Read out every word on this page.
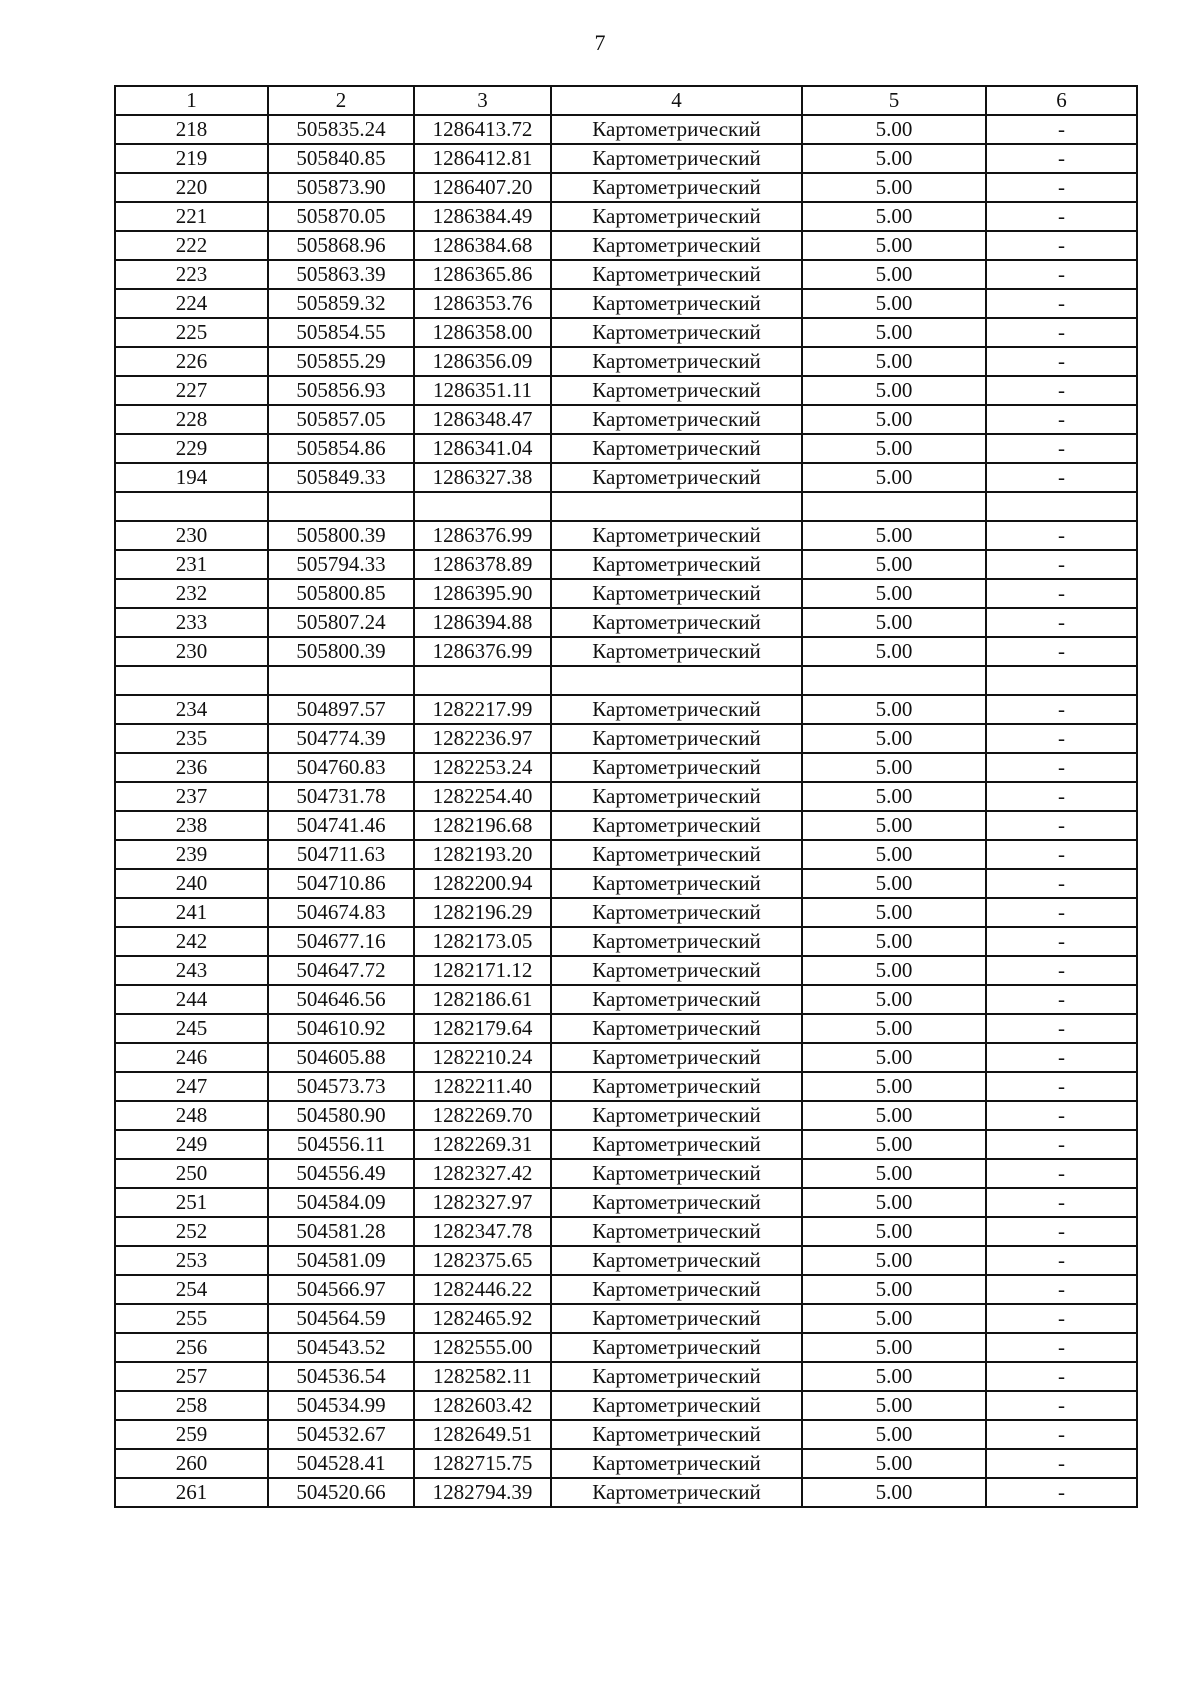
7
1	2	3	4	5	6
218	505835.24	1286413.72	Картометрический	5.00	-
219	505840.85	1286412.81	Картометрический	5.00	-
220	505873.90	1286407.20	Картометрический	5.00	-
221	505870.05	1286384.49	Картометрический	5.00	-
222	505868.96	1286384.68	Картометрический	5.00	-
223	505863.39	1286365.86	Картометрический	5.00	-
224	505859.32	1286353.76	Картометрический	5.00	-
225	505854.55	1286358.00	Картометрический	5.00	-
226	505855.29	1286356.09	Картометрический	5.00	-
227	505856.93	1286351.11	Картометрический	5.00	-
228	505857.05	1286348.47	Картометрический	5.00	-
229	505854.86	1286341.04	Картометрический	5.00	-
194	505849.33	1286327.38	Картометрический	5.00	-

230	505800.39	1286376.99	Картометрический	5.00	-
231	505794.33	1286378.89	Картометрический	5.00	-
232	505800.85	1286395.90	Картометрический	5.00	-
233	505807.24	1286394.88	Картометрический	5.00	-
230	505800.39	1286376.99	Картометрический	5.00	-

234	504897.57	1282217.99	Картометрический	5.00	-
235	504774.39	1282236.97	Картометрический	5.00	-
236	504760.83	1282253.24	Картометрический	5.00	-
237	504731.78	1282254.40	Картометрический	5.00	-
238	504741.46	1282196.68	Картометрический	5.00	-
239	504711.63	1282193.20	Картометрический	5.00	-
240	504710.86	1282200.94	Картометрический	5.00	-
241	504674.83	1282196.29	Картометрический	5.00	-
242	504677.16	1282173.05	Картометрический	5.00	-
243	504647.72	1282171.12	Картометрический	5.00	-
244	504646.56	1282186.61	Картометрический	5.00	-
245	504610.92	1282179.64	Картометрический	5.00	-
246	504605.88	1282210.24	Картометрический	5.00	-
247	504573.73	1282211.40	Картометрический	5.00	-
248	504580.90	1282269.70	Картометрический	5.00	-
249	504556.11	1282269.31	Картометрический	5.00	-
250	504556.49	1282327.42	Картометрический	5.00	-
251	504584.09	1282327.97	Картометрический	5.00	-
252	504581.28	1282347.78	Картометрический	5.00	-
253	504581.09	1282375.65	Картометрический	5.00	-
254	504566.97	1282446.22	Картометрический	5.00	-
255	504564.59	1282465.92	Картометрический	5.00	-
256	504543.52	1282555.00	Картометрический	5.00	-
257	504536.54	1282582.11	Картометрический	5.00	-
258	504534.99	1282603.42	Картометрический	5.00	-
259	504532.67	1282649.51	Картометрический	5.00	-
260	504528.41	1282715.75	Картометрический	5.00	-
261	504520.66	1282794.39	Картометрический	5.00	-
